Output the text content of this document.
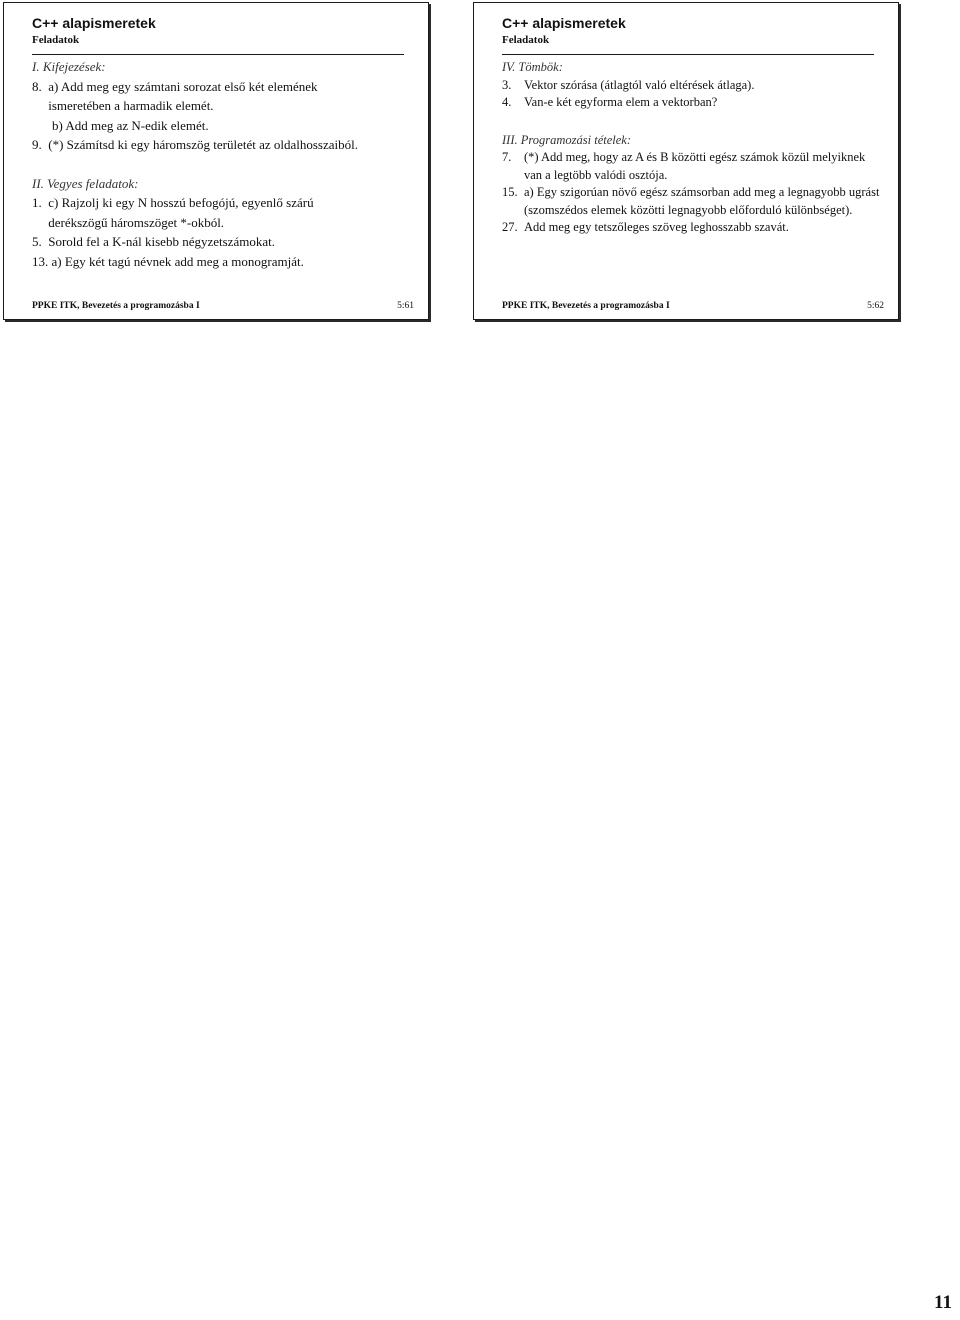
C++ alapismeretek
Feladatok
I. Kifejezések:
8. a) Add meg egy számtani sorozat első két elemének
ismeretében a harmadik elemét.
b) Add meg az N-edik elemét.
9. (*) Számítsd ki egy háromszög területét az oldalhosszaiból.
II. Vegyes feladatok:
1. c) Rajzolj ki egy N hosszú befogójú, egyenlő szárú derékszögű háromszöget *-okból.
5. Sorold fel a K-nál kisebb négyzetszámokat.
13. a) Egy két tagú névnek add meg a monogramját.
PPKE ITK, Bevezetés a programozásba I	5:61
C++ alapismeretek
Feladatok
IV. Tömbök:
3.	Vektor szórása (átlagtól való eltérések átlaga).
4.	Van-e két egyforma elem a vektorban?
III. Programozási tételek:
7.	(*) Add meg, hogy az A és B közötti egész számok közül melyiknek van a legtöbb valódi osztója.
15. a) Egy szigorúan növő egész számsorban add meg a legnagyobb ugrást (szomszédos elemek közötti legnagyobb előforduló különbséget).
27. Add meg egy tetszőleges szöveg leghosszabb szavát.
PPKE ITK, Bevezetés a programozásba I	5:62
11
